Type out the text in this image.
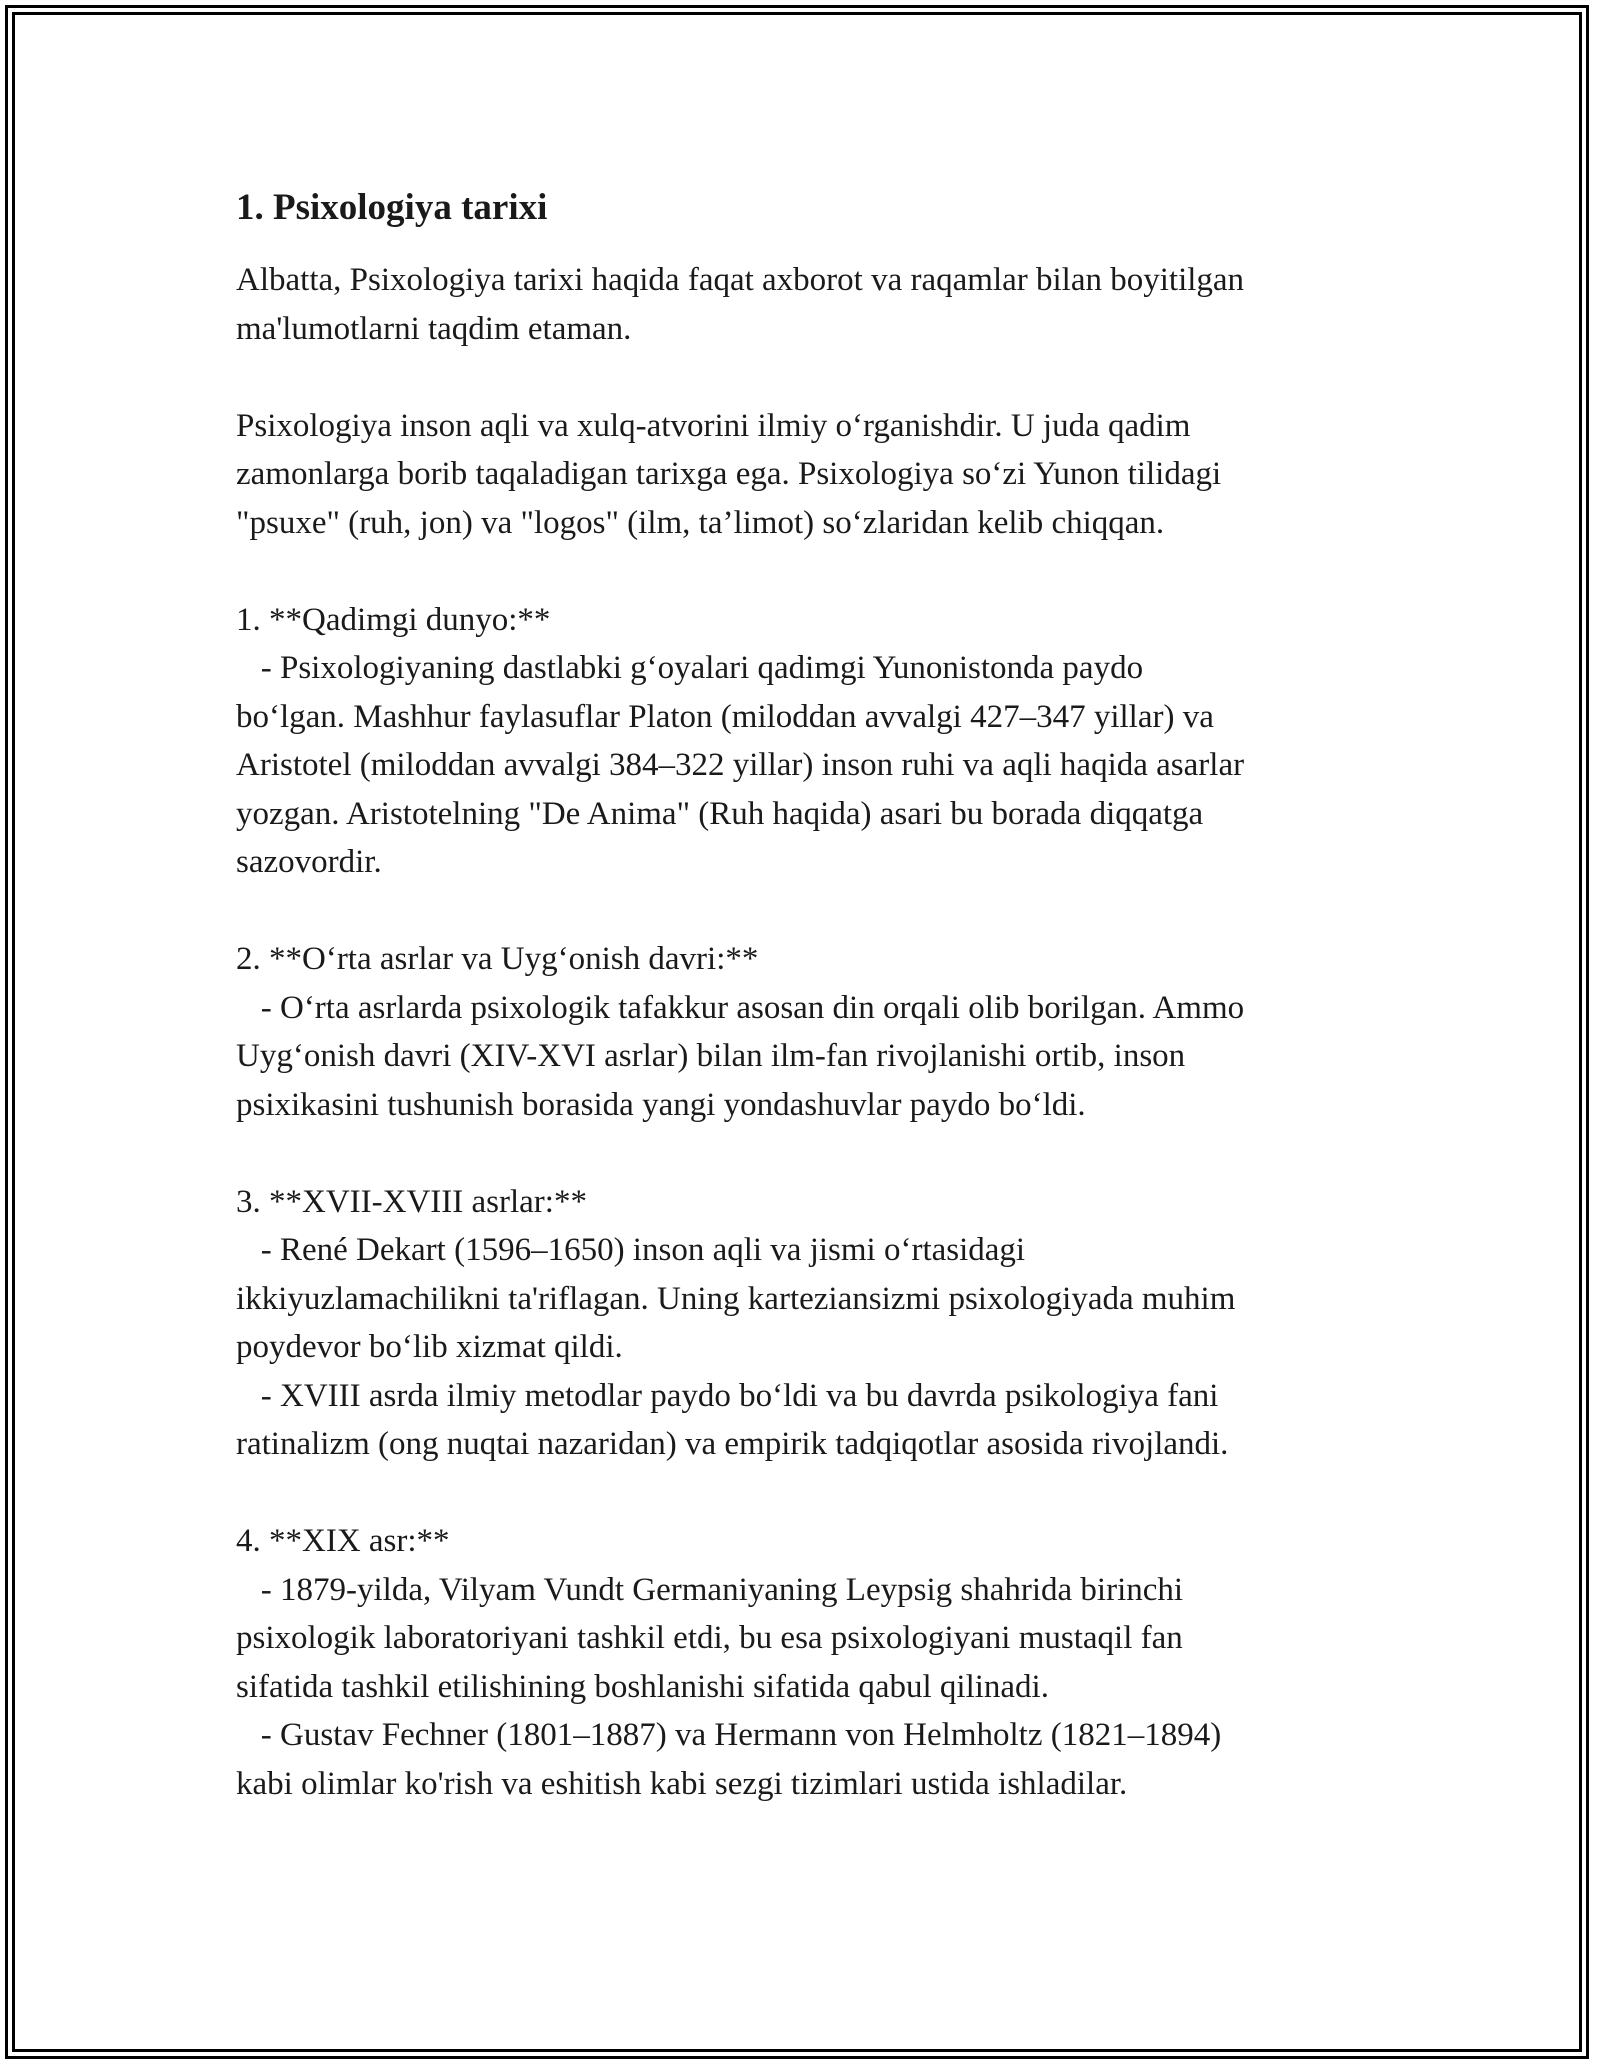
1. Psixologiya tarixi

Albatta, Psixologiya tarixi haqida faqat axborot va raqamlar bilan boyitilgan
ma'lumotlarni taqdim etaman.

Psixologiya inson aqli va xulq-atvorini ilmiy o‘rganishdir. U juda qadim
zamonlarga borib taqaladigan tarixga ega. Psixologiya so‘zi Yunon tilidagi
"psuxe" (ruh, jon) va "logos" (ilm, ta’limot) so‘zlaridan kelib chiqqan.

1. **Qadimgi dunyo:**
- Psixologiyaning dastlabki g‘oyalari qadimgi Yunonistonda paydo
bo‘lgan. Mashhur faylasuflar Platon (miloddan avvalgi 427–347 yillar) va
Aristotel (miloddan avvalgi 384–322 yillar) inson ruhi va aqli haqida asarlar
yozgan. Aristotelning "De Anima" (Ruh haqida) asari bu borada diqqatga
sazovordir.

2. **O‘rta asrlar va Uyg‘onish davri:**
- O‘rta asrlarda psixologik tafakkur asosan din orqali olib borilgan. Ammo
Uyg‘onish davri (XIV-XVI asrlar) bilan ilm-fan rivojlanishi ortib, inson
psixikasini tushunish borasida yangi yondashuvlar paydo bo‘ldi.

3. **XVII-XVIII asrlar:**
- René Dekart (1596–1650) inson aqli va jismi o‘rtasidagi
ikkiyuzlamachilikni ta'riflagan. Uning karteziansizmi psixologiyada muhim
poydevor bo‘lib xizmat qildi.
- XVIII asrda ilmiy metodlar paydo bo‘ldi va bu davrda psikologiya fani
ratinalizm (ong nuqtai nazaridan) va empirik tadqiqotlar asosida rivojlandi.

4. **XIX asr:**
- 1879-yilda, Vilyam Vundt Germaniyaning Leypsig shahrida birinchi
psixologik laboratoriyani tashkil etdi, bu esa psixologiyani mustaqil fan
sifatida tashkil etilishining boshlanishi sifatida qabul qilinadi.
- Gustav Fechner (1801–1887) va Hermann von Helmholtz (1821–1894)
kabi olimlar ko'rish va eshitish kabi sezgi tizimlari ustida ishladilar.
